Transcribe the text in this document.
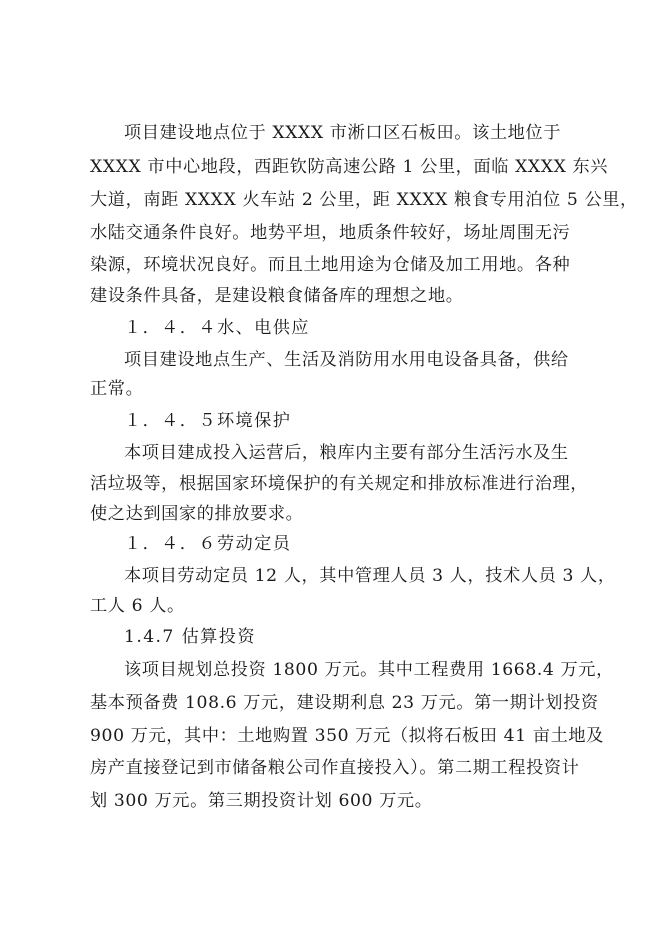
项目建设地点位于 XXXX 市淅口区石板田。该土地位于
XXXX 市中心地段，西距钦防高速公路 1 公里，面临 XXXX 东兴
大道，南距 XXXX 火车站 2 公里，距 XXXX 粮食专用泊位 5 公里，
水陆交通条件良好。地势平坦，地质条件较好，场址周围无污
染源，环境状况良好。而且土地用途为仓储及加工用地。各种
建设条件具备，是建设粮食储备库的理想之地。
１．４．４水、电供应
项目建设地点生产、生活及消防用水用电设备具备，供给
正常。
１．４．５环境保护
本项目建成投入运营后，粮库内主要有部分生活污水及生
活垃圾等，根据国家环境保护的有关规定和排放标准进行治理，
使之达到国家的排放要求。
１．４．６劳动定员
本项目劳动定员 12 人，其中管理人员 3 人，技术人员 3 人，
工人 6 人。
1.4.7 估算投资
该项目规划总投资 1800 万元。其中工程费用 1668.4 万元，
基本预备费 108.6 万元，建设期利息 23 万元。第一期计划投资
900 万元，其中：土地购置 350 万元（拟将石板田 41 亩土地及
房产直接登记到市储备粮公司作直接投入）。第二期工程投资计
划 300 万元。第三期投资计划 600 万元。
